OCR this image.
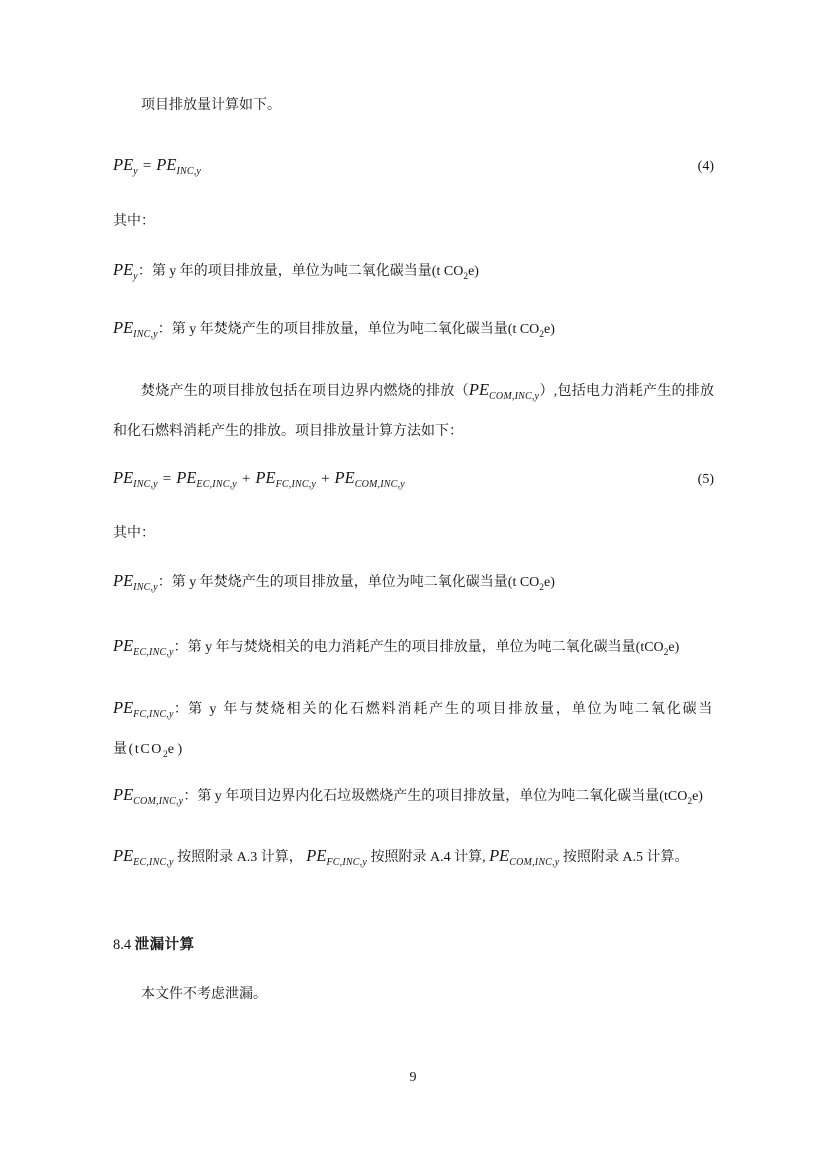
项目排放量计算如下。

$PE_y = PE_{INC,y}$	(4)

其中：

$PE_y$：第 y 年的项目排放量，单位为吨二氧化碳当量(t $CO_2e$)

$PE_{INC,y}$：第 y 年焚烧产生的项目排放量，单位为吨二氧化碳当量(t $CO_2e$)

焚烧产生的项目排放包括在项目边界内燃烧的排放$(PE_{COM,INC,y})$,包括电力消耗产生的排放和化石燃料消耗产生的排放。项目排放量计算方法如下：

$PE_{INC,y} = PE_{EC,INC,y} + PE_{FC,INC,y} + PE_{COM,INC,y}$	(5)

其中：

$PE_{INC,y}$：第 y 年焚烧产生的项目排放量，单位为吨二氧化碳当量(t $CO_2e$)

$PE_{EC,INC,y}$：第 y 年与焚烧相关的电力消耗产生的项目排放量，单位为吨二氧化碳当量(tCO$_2$e)

$PE_{FC,INC,y}$：第 y 年与焚烧相关的化石燃料消耗产生的项目排放量，单位为吨二氧化碳当量(tCO$_2$e )

$PE_{COM,INC,y}$：第 y 年项目边界内化石垃圾燃烧产生的项目排放量，单位为吨二氧化碳当量(tCO$_2$e)

$PE_{EC,INC,y}$ 按照附录 A.3 计算， $PE_{FC,INC,y}$ 按照附录 A.4 计算, $PE_{COM,INC,y}$ 按照附录 A.5 计算。

8.4 泄漏计算

本文件不考虑泄漏。

9
